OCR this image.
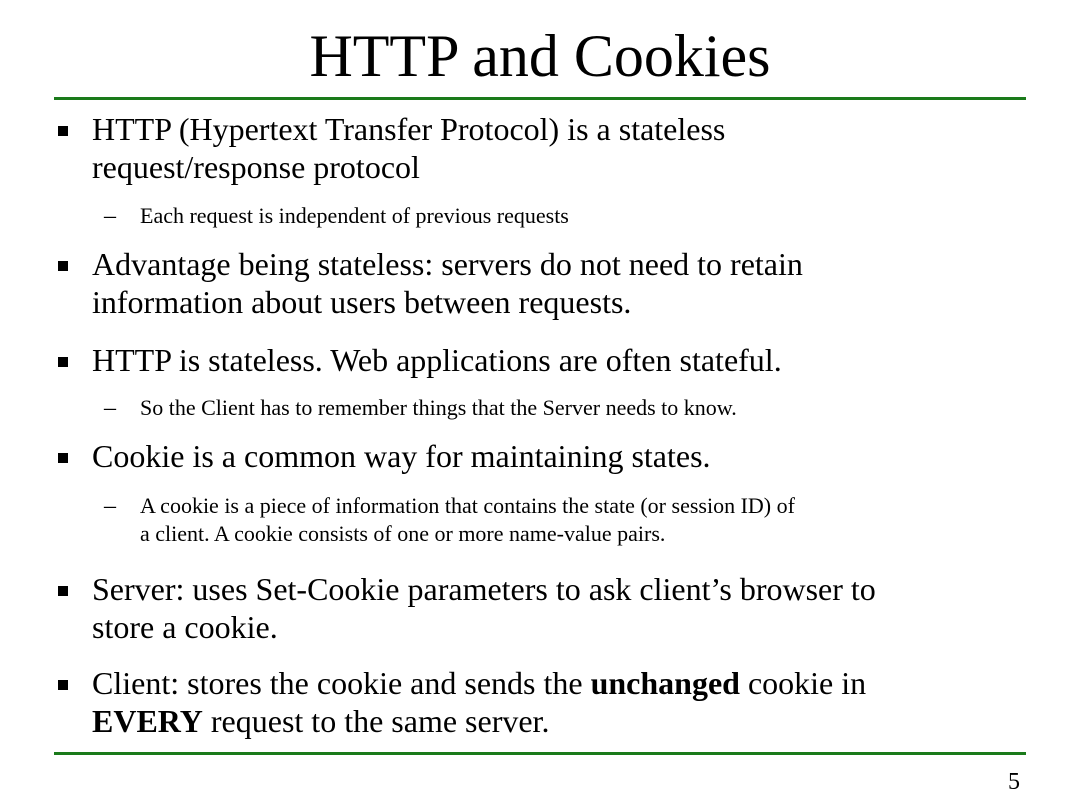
HTTP and Cookies
HTTP (Hypertext Transfer Protocol) is a stateless
request/response protocol
– Each request is independent of previous requests
Advantage being stateless: servers do not need to retain
information about users between requests.
HTTP is stateless. Web applications are often stateful.
– So the Client has to remember things that the Server needs to know.
Cookie is a common way for maintaining states.
– A cookie is a piece of information that contains the state (or session ID) of
a client. A cookie consists of one or more name-value pairs.
Server: uses Set-Cookie parameters to ask client’s browser to
store a cookie.
Client: stores the cookie and sends the unchanged cookie in
EVERY request to the same server.
5
